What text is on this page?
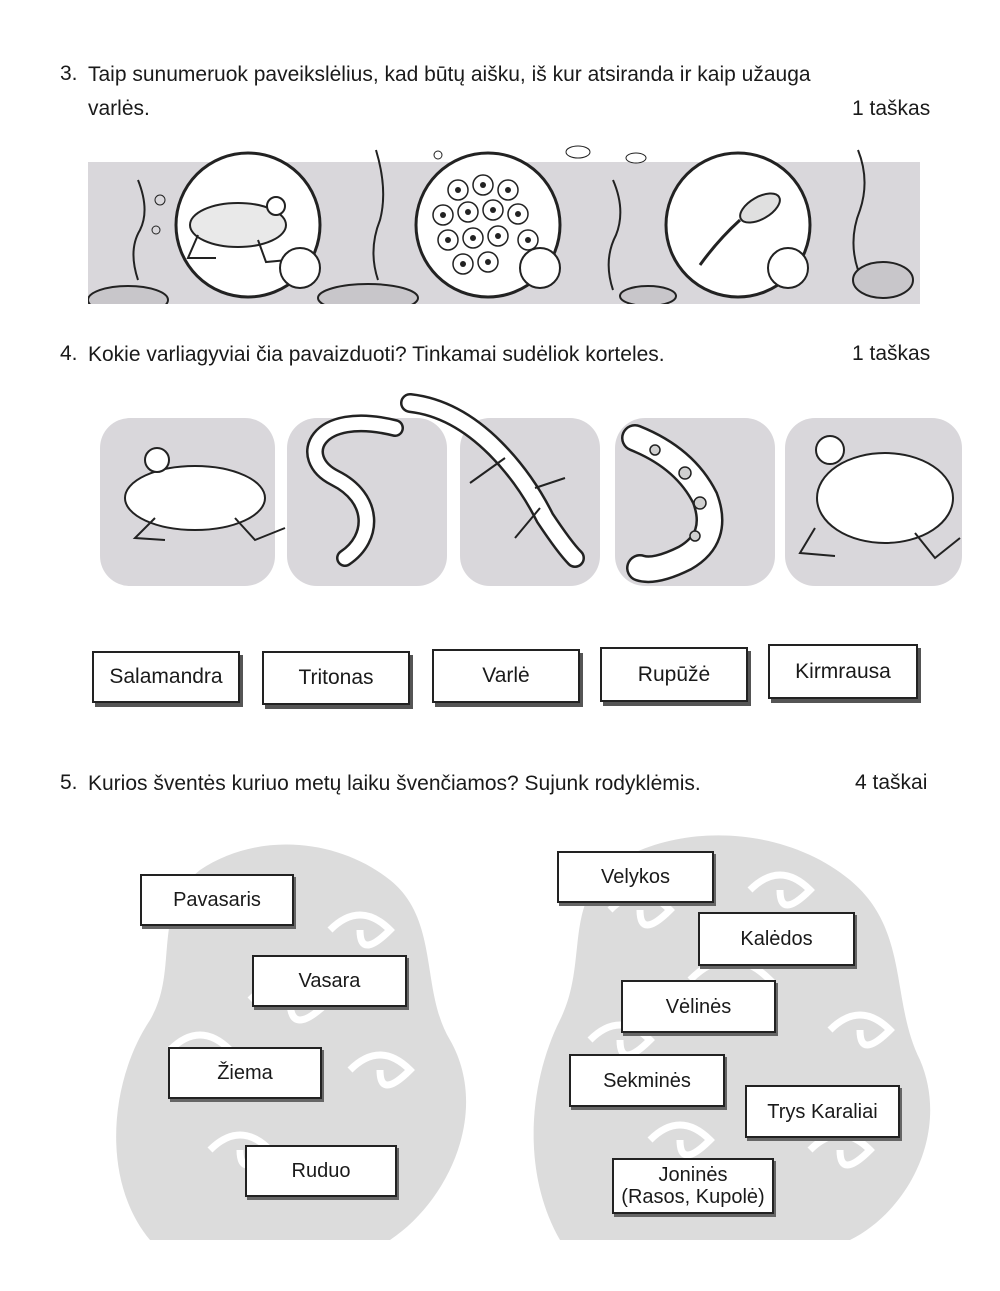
3. Taip sunumeruok paveikslėlius, kad būtų aišku, iš kur atsiranda ir kaip užauga
varlės.	1 taškas
4. Kokie varliagyviai čia pavaizduoti? Tinkamai sudėliok korteles.	1 taškas
Salamandra	Tritonas	Varlė	Rupūžė	Kirmrausa
5. Kurios šventės kuriuo metų laiku švenčiamos? Sujunk rodyklėmis.	4 taškai
Pavasaris
Vasara
Žiema
Ruduo
Velykos
Kalėdos
Vėlinės
Sekminės
Trys Karaliai
Joninės
(Rasos, Kupolė)
